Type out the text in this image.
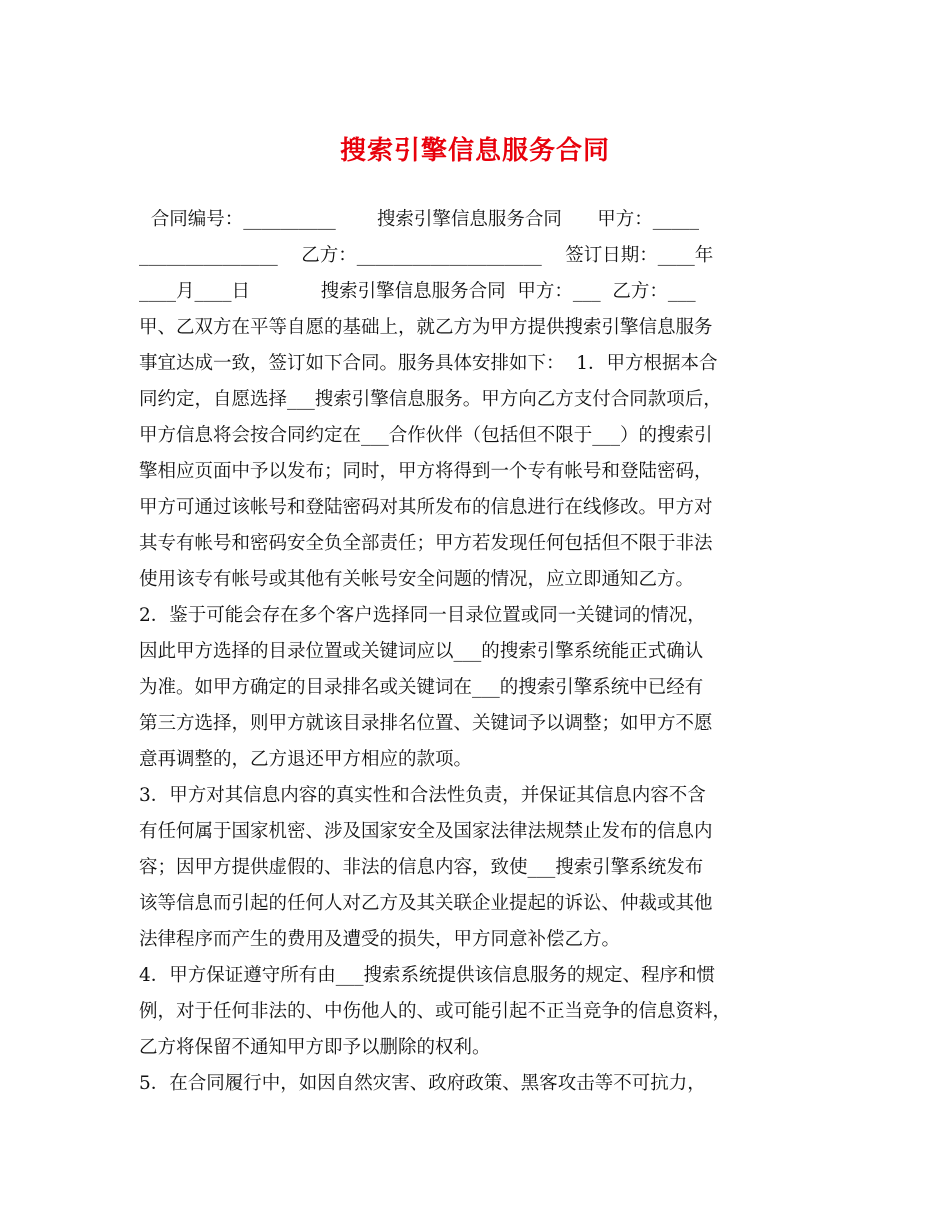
搜索引擎信息服务合同
合同编号：__________       搜索引擎信息服务合同      甲方：_____
_______________    乙方：____________________    签订日期：____年
____月____日            搜索引擎信息服务合同  甲方：___  乙方：___
甲、乙双方在平等自愿的基础上，就乙方为甲方提供搜索引擎信息服务
事宜达成一致，签订如下合同。服务具体安排如下：  1．甲方根据本合
同约定，自愿选择___搜索引擎信息服务。甲方向乙方支付合同款项后，
甲方信息将会按合同约定在___合作伙伴（包括但不限于___）的搜索引
擎相应页面中予以发布；同时，甲方将得到一个专有帐号和登陆密码，
甲方可通过该帐号和登陆密码对其所发布的信息进行在线修改。甲方对
其专有帐号和密码安全负全部责任；甲方若发现任何包括但不限于非法
使用该专有帐号或其他有关帐号安全问题的情况，应立即通知乙方。
2．鉴于可能会存在多个客户选择同一目录位置或同一关键词的情况，
因此甲方选择的目录位置或关键词应以___的搜索引擎系统能正式确认
为准。如甲方确定的目录排名或关键词在___的搜索引擎系统中已经有
第三方选择，则甲方就该目录排名位置、关键词予以调整；如甲方不愿
意再调整的，乙方退还甲方相应的款项。
3．甲方对其信息内容的真实性和合法性负责，并保证其信息内容不含
有任何属于国家机密、涉及国家安全及国家法律法规禁止发布的信息内
容；因甲方提供虚假的、非法的信息内容，致使___搜索引擎系统发布
该等信息而引起的任何人对乙方及其关联企业提起的诉讼、仲裁或其他
法律程序而产生的费用及遭受的损失，甲方同意补偿乙方。
4．甲方保证遵守所有由___搜索系统提供该信息服务的规定、程序和惯
例，对于任何非法的、中伤他人的、或可能引起不正当竞争的信息资料，
乙方将保留不通知甲方即予以删除的权利。
5．在合同履行中，如因自然灾害、政府政策、黑客攻击等不可抗力，
